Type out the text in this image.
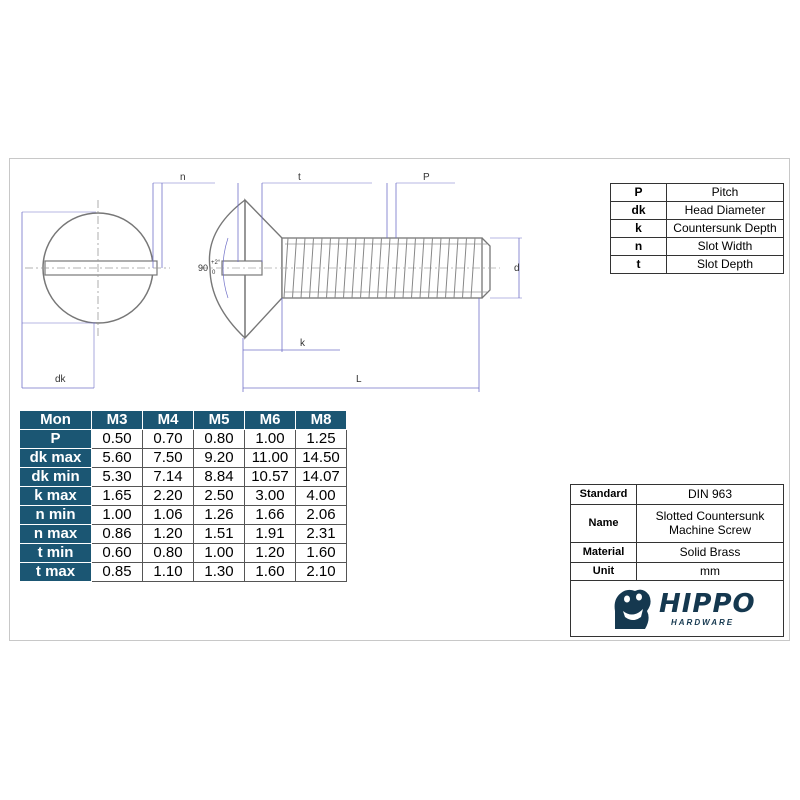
dk
n
90 +2°
0
t	P
d
k
L
P	Pitch
dk	Head Diameter
k	Countersunk Depth
n	Slot Width
t	Slot Depth
Mon	M3	M4	M5	M6	M8
P	0.50	0.70	0.80	1.00	1.25
dk max	5.60	7.50	9.20	11.00	14.50
dk min	5.30	7.14	8.84	10.57	14.07
k max	1.65	2.20	2.50	3.00	4.00
n min	1.00	1.06	1.26	1.66	2.06
n max	0.86	1.20	1.51	1.91	2.31
t min	0.60	0.80	1.00	1.20	1.60
t max	0.85	1.10	1.30	1.60	2.10
Standard	DIN 963
Name	Slotted Countersunk
Machine Screw

Material	Solid Brass
Unit	mm
HIPPO
HARDWARE
